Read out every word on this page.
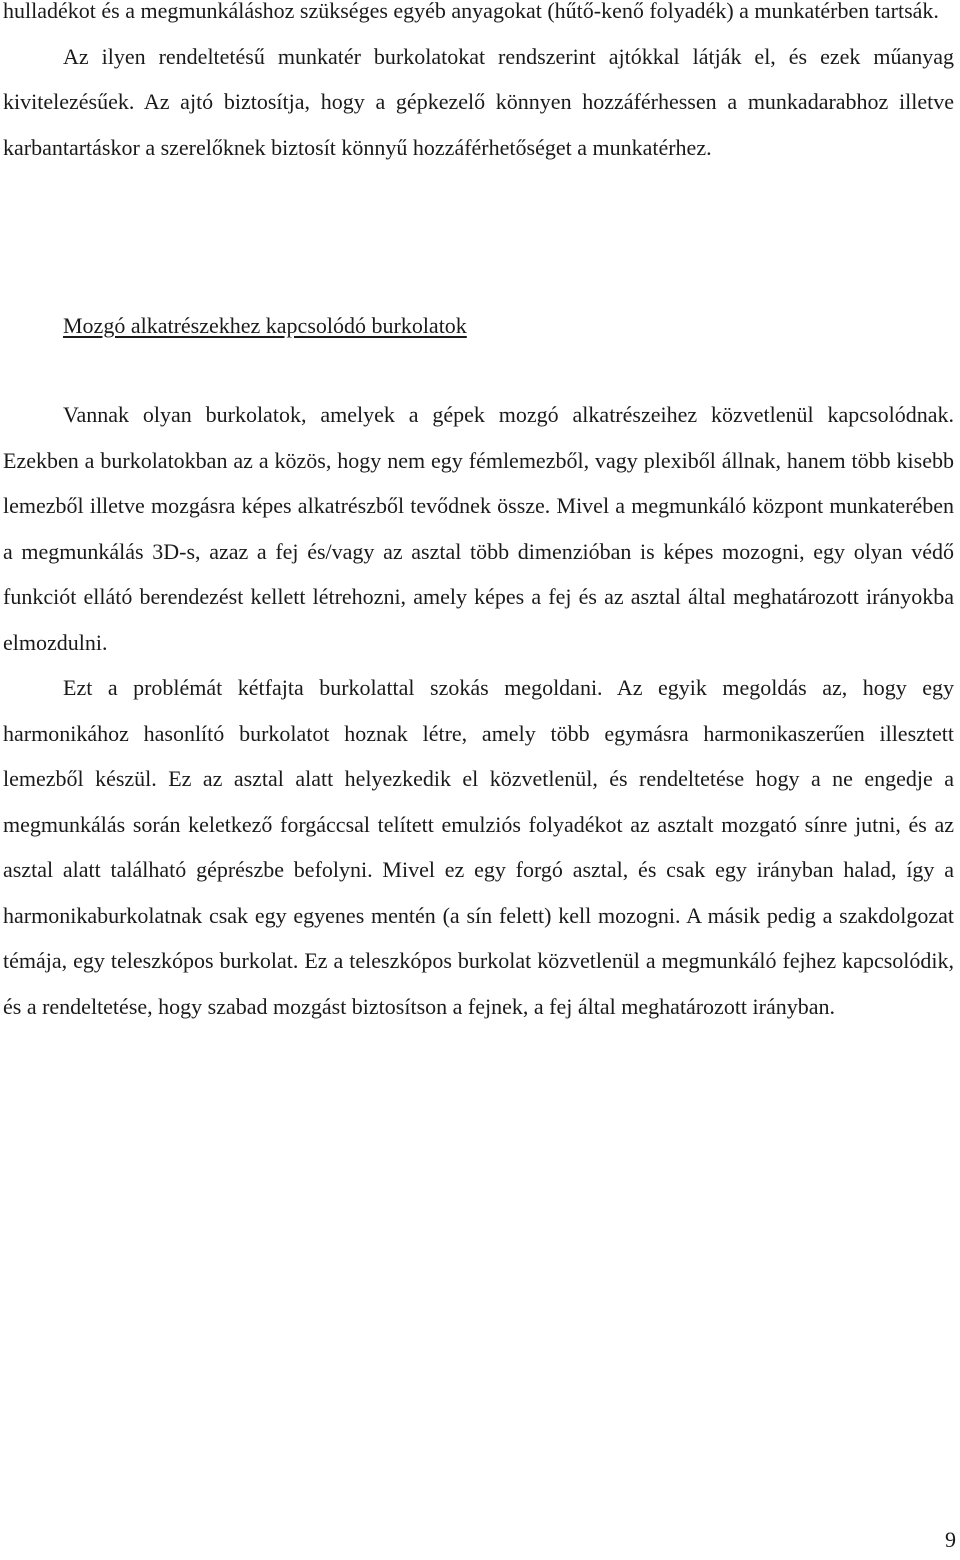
hulladékot és a megmunkáláshoz szükséges egyéb anyagokat (hűtő-kenő folyadék) a munkatérben tartsák.

Az ilyen rendeltetésű munkatér burkolatokat rendszerint ajtókkal látják el, és ezek műanyag kivitelezésűek. Az ajtó biztosítja, hogy a gépkezelő könnyen hozzáférhessen a munkadarabhoz illetve karbantartáskor a szerelőknek biztosít könnyű hozzáférhetőséget a munkatérhez.

Mozgó alkatrészekhez kapcsolódó burkolatok

Vannak olyan burkolatok, amelyek a gépek mozgó alkatrészeihez közvetlenül kapcsolódnak. Ezekben a burkolatokban az a közös, hogy nem egy fémlemezből, vagy plexiből állnak, hanem több kisebb lemezből illetve mozgásra képes alkatrészből tevődnek össze. Mivel a megmunkáló központ munkaterében a megmunkálás 3D-s, azaz a fej és/vagy az asztal több dimenzióban is képes mozogni, egy olyan védő funkciót ellátó berendezést kellett létrehozni, amely képes a fej és az asztal által meghatározott irányokba elmozdulni.

Ezt a problémát kétfajta burkolattal szokás megoldani. Az egyik megoldás az, hogy egy harmonikához hasonlító burkolatot hoznak létre, amely több egymásra harmonikaszerűen illesztett lemezből készül. Ez az asztal alatt helyezkedik el közvetlenül, és rendeltetése hogy a ne engedje a megmunkálás során keletkező forgáccsal telített emulziós folyadékot az asztalt mozgató sínre jutni, és az asztal alatt található géprészbe befolyni. Mivel ez egy forgó asztal, és csak egy irányban halad, így a harmonikaburkolatnak csak egy egyenes mentén (a sín felett) kell mozogni. A másik pedig a szakdolgozat témája, egy teleszkópos burkolat. Ez a teleszkópos burkolat közvetlenül a megmunkáló fejhez kapcsolódik, és a rendeltetése, hogy szabad mozgást biztosítson a fejnek, a fej által meghatározott irányban.

9
